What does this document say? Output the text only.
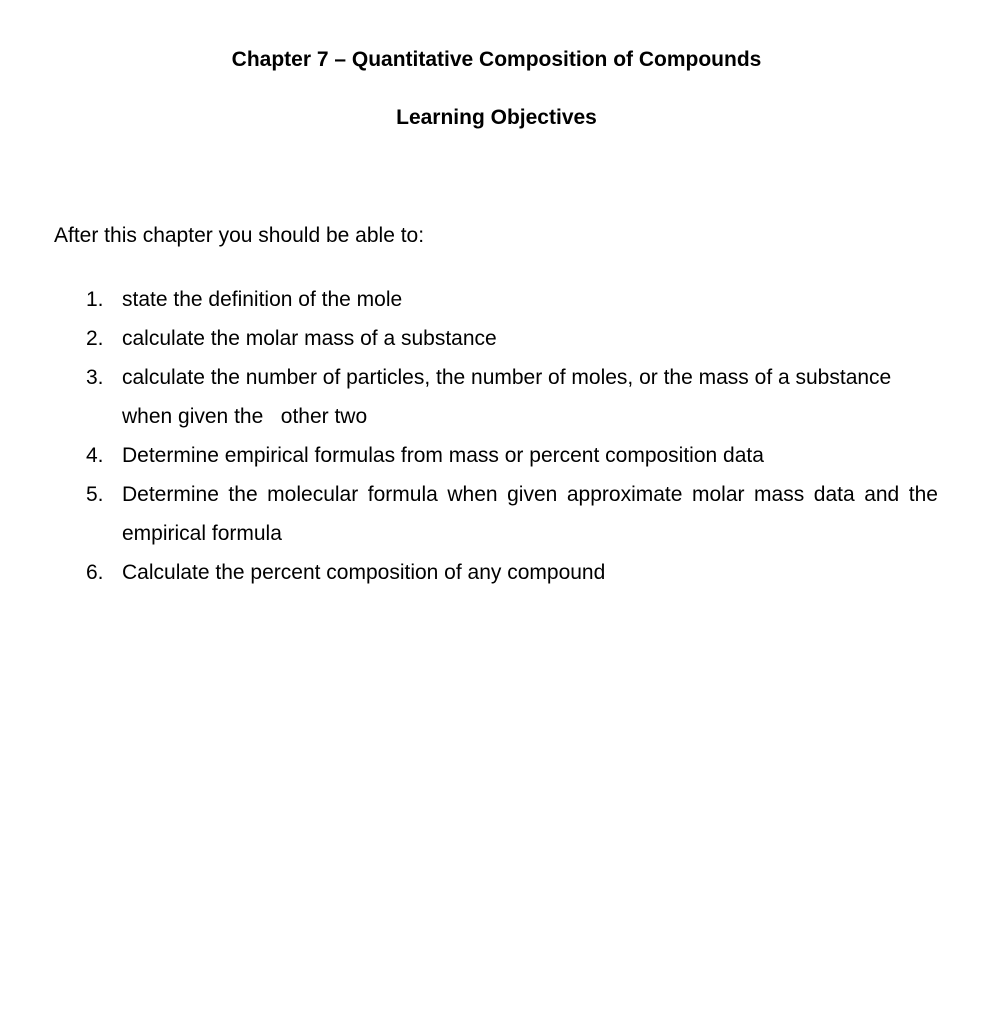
Chapter 7 – Quantitative Composition of Compounds
Learning Objectives
After this chapter you should be able to:
1. state the definition of the mole
2. calculate the molar mass of a substance
3. calculate the number of particles, the number of moles, or the mass of a substance when given the   other two
4. Determine empirical formulas from mass or percent composition data
5. Determine the molecular formula when given approximate molar mass data and the empirical formula
6. Calculate the percent composition of any compound
